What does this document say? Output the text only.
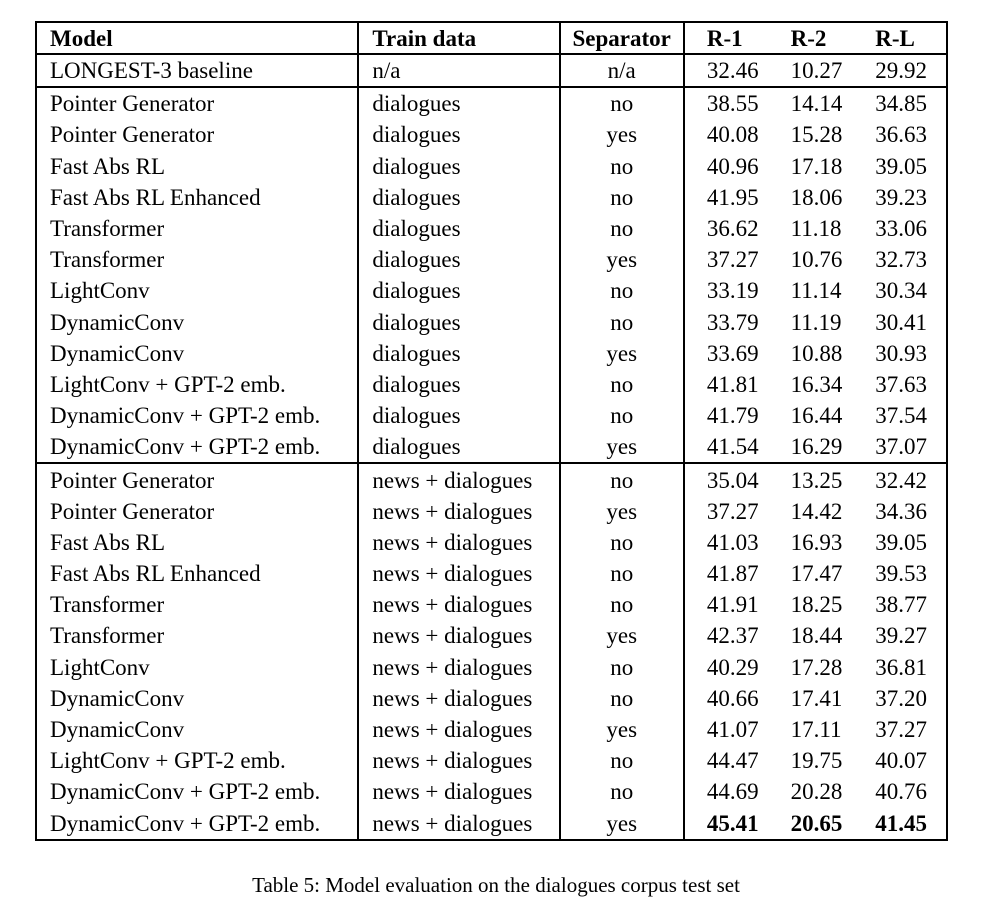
Model	Train data	Separator	R-1	R-2	R-L
LONGEST-3 baseline	n/a	n/a	32.46	10.27	29.92
Pointer Generator	dialogues	no	38.55	14.14	34.85
Pointer Generator	dialogues	yes	40.08	15.28	36.63
Fast Abs RL	dialogues	no	40.96	17.18	39.05
Fast Abs RL Enhanced	dialogues	no	41.95	18.06	39.23
Transformer	dialogues	no	36.62	11.18	33.06
Transformer	dialogues	yes	37.27	10.76	32.73
LightConv	dialogues	no	33.19	11.14	30.34
DynamicConv	dialogues	no	33.79	11.19	30.41
DynamicConv	dialogues	yes	33.69	10.88	30.93
LightConv + GPT-2 emb.	dialogues	no	41.81	16.34	37.63
DynamicConv + GPT-2 emb.	dialogues	no	41.79	16.44	37.54
DynamicConv + GPT-2 emb.	dialogues	yes	41.54	16.29	37.07
Pointer Generator	news + dialogues	no	35.04	13.25	32.42
Pointer Generator	news + dialogues	yes	37.27	14.42	34.36
Fast Abs RL	news + dialogues	no	41.03	16.93	39.05
Fast Abs RL Enhanced	news + dialogues	no	41.87	17.47	39.53
Transformer	news + dialogues	no	41.91	18.25	38.77
Transformer	news + dialogues	yes	42.37	18.44	39.27
LightConv	news + dialogues	no	40.29	17.28	36.81
DynamicConv	news + dialogues	no	40.66	17.41	37.20
DynamicConv	news + dialogues	yes	41.07	17.11	37.27
LightConv + GPT-2 emb.	news + dialogues	no	44.47	19.75	40.07
DynamicConv + GPT-2 emb.	news + dialogues	no	44.69	20.28	40.76
DynamicConv + GPT-2 emb.	news + dialogues	yes	45.41	20.65	41.45
Table 5: Model evaluation on the dialogues corpus test set
